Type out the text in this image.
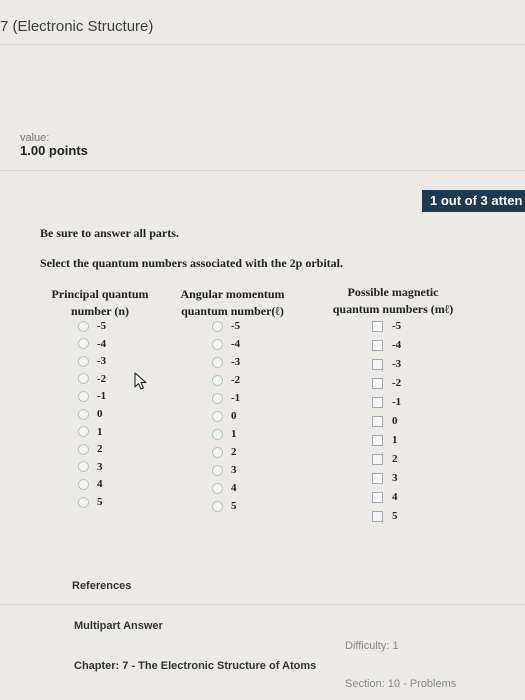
7 (Electronic Structure)
value:
1.00 points
1 out of 3 atten
Be sure to answer all parts.
Select the quantum numbers associated with the 2p orbital.
Principal quantum
number (n)
Angular momentum
quantum number(ℓ)
Possible magnetic
quantum numbers (mℓ)
-5
-4
-3
-2
-1
0
1
2
3
4
5
-5
-4
-3
-2
-1
0
1
2
3
4
5
-5
-4
-3
-2
-1
0
1
2
3
4
5
References
Multipart Answer
Difficulty: 1
Chapter: 7 - The Electronic Structure of Atoms
Section: 10 - Problems
